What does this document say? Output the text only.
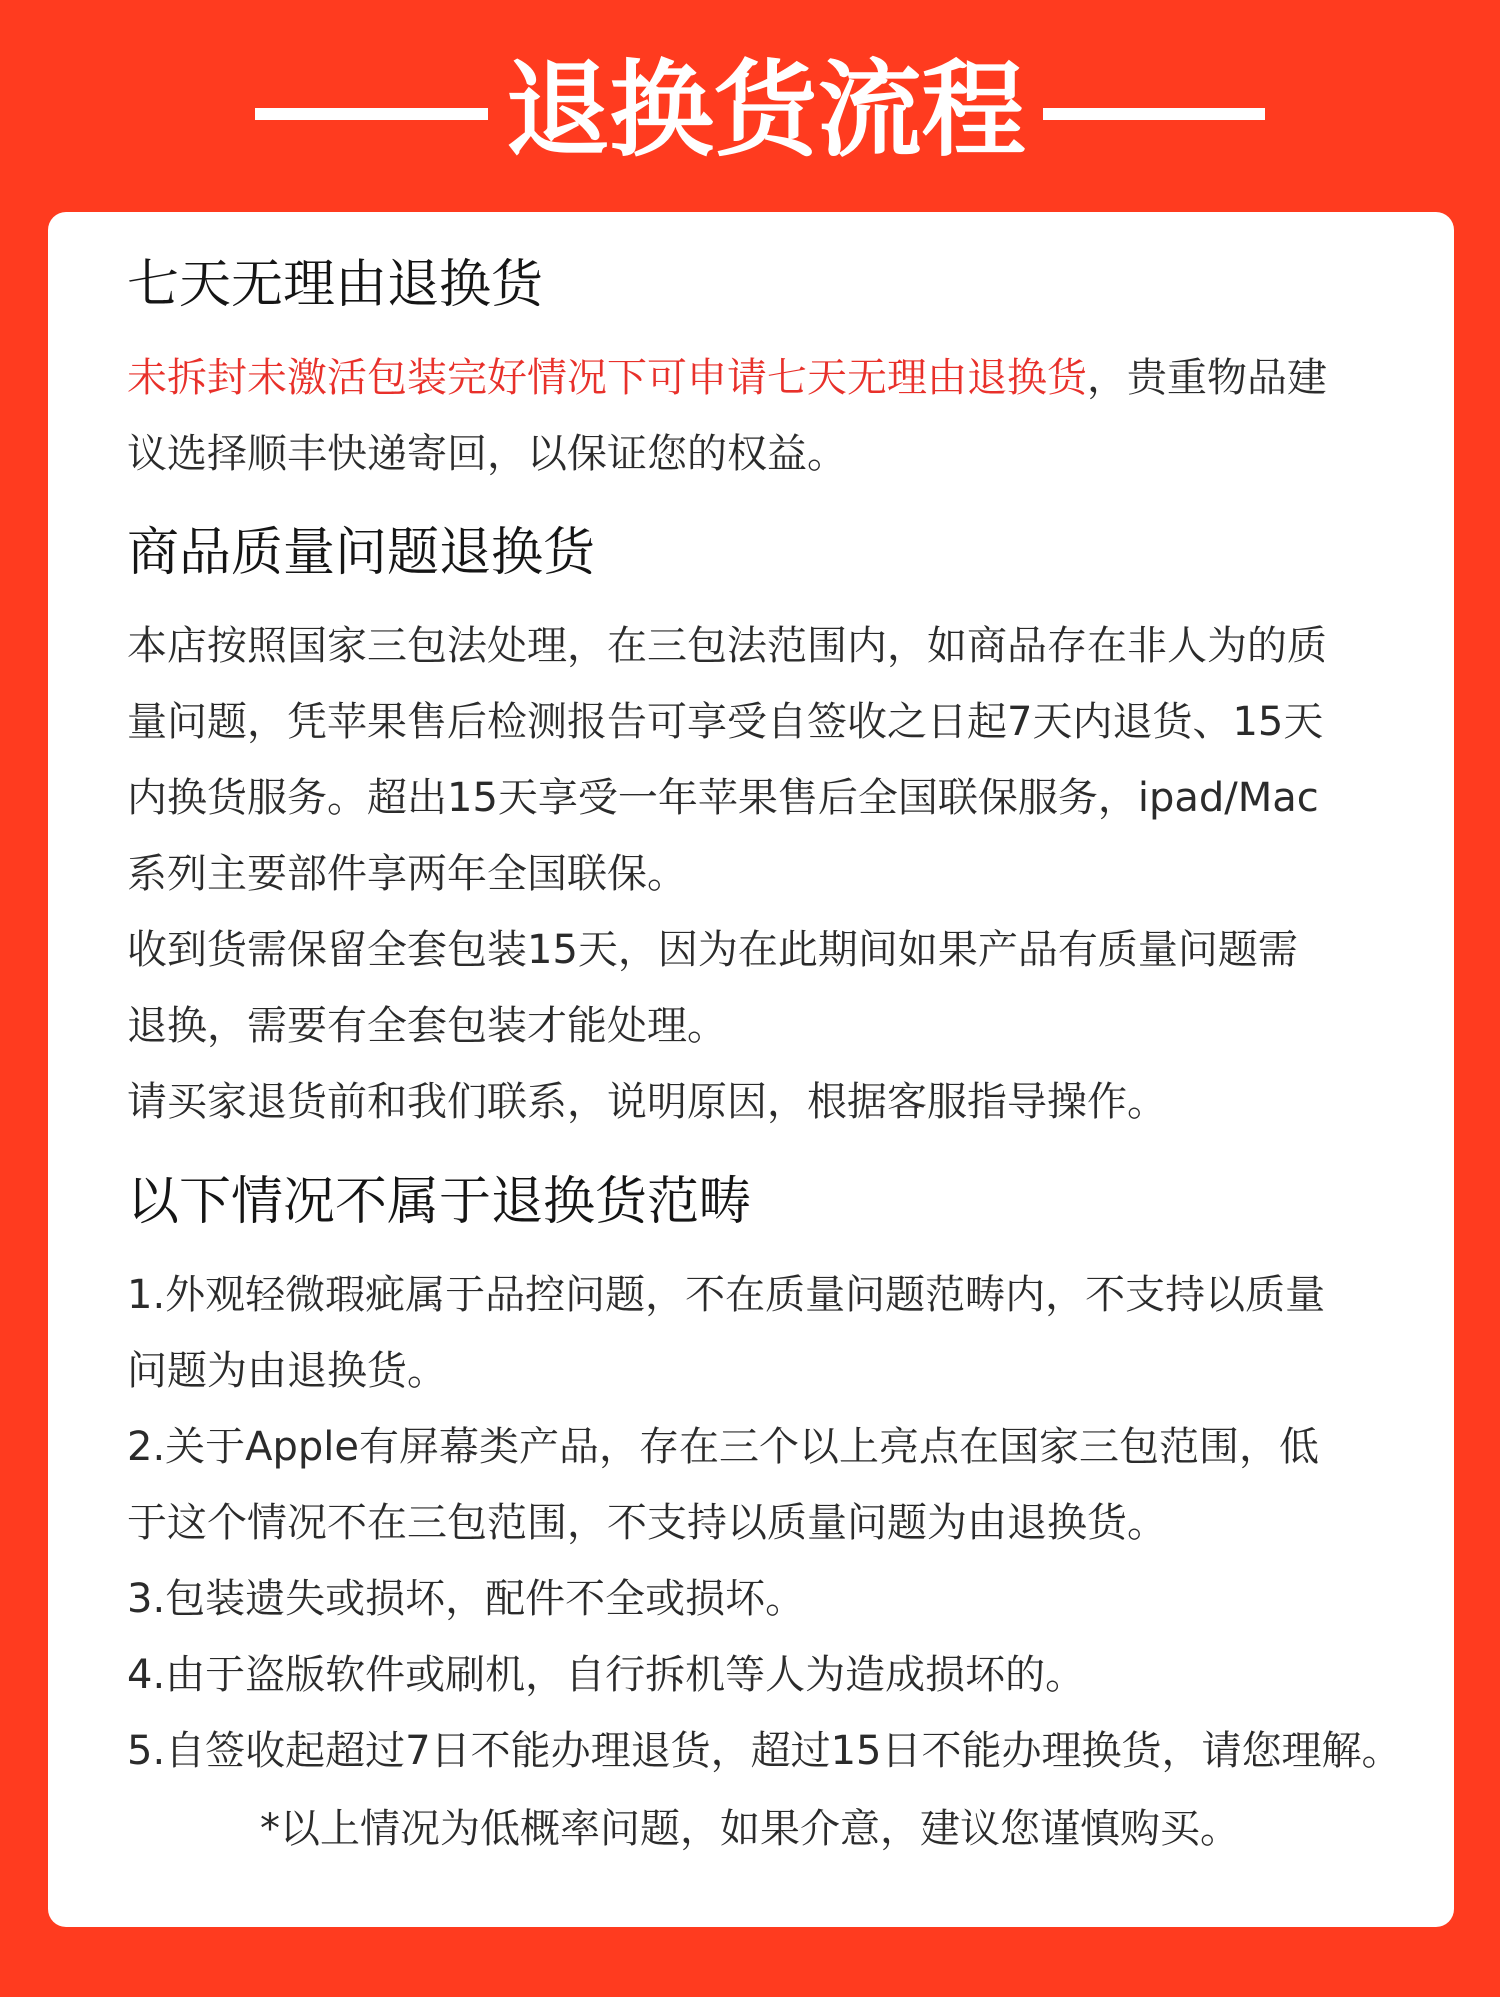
退换货流程
七天无理由退换货
未拆封未激活包装完好情况下可申请七天无理由退换货，贵重物品建
议选择顺丰快递寄回，以保证您的权益。
商品质量问题退换货
本店按照国家三包法处理，在三包法范围内，如商品存在非人为的质
量问题，凭苹果售后检测报告可享受自签收之日起7天内退货、15天
内换货服务。超出15天享受一年苹果售后全国联保服务，ipad/Mac
系列主要部件享两年全国联保。
收到货需保留全套包装15天，因为在此期间如果产品有质量问题需
退换，需要有全套包装才能处理。
请买家退货前和我们联系，说明原因，根据客服指导操作。
以下情况不属于退换货范畴
1.外观轻微瑕疵属于品控问题，不在质量问题范畴内，不支持以质量
问题为由退换货。
2.关于Apple有屏幕类产品，存在三个以上亮点在国家三包范围，低
于这个情况不在三包范围，不支持以质量问题为由退换货。
3.包装遗失或损坏，配件不全或损坏。
4.由于盗版软件或刷机，自行拆机等人为造成损坏的。
5.自签收起超过7日不能办理退货，超过15日不能办理换货，请您理解。
*以上情况为低概率问题，如果介意，建议您谨慎购买。
